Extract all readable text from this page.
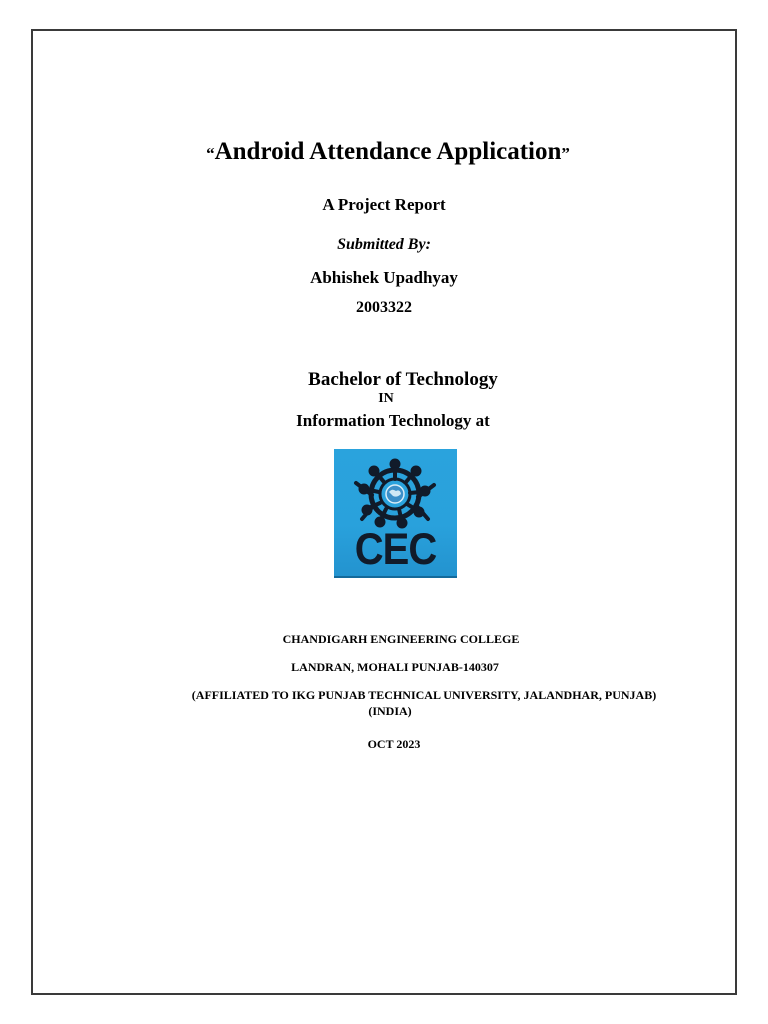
“Android Attendance Application”
A Project Report
Submitted By:
Abhishek Upadhyay
2003322
Bachelor of Technology
IN
Information Technology at
CEC
CHANDIGARH ENGINEERING COLLEGE
LANDRAN, MOHALI PUNJAB-140307
(AFFILIATED TO IKG PUNJAB TECHNICAL UNIVERSITY, JALANDHAR, PUNJAB)
(INDIA)
OCT 2023
